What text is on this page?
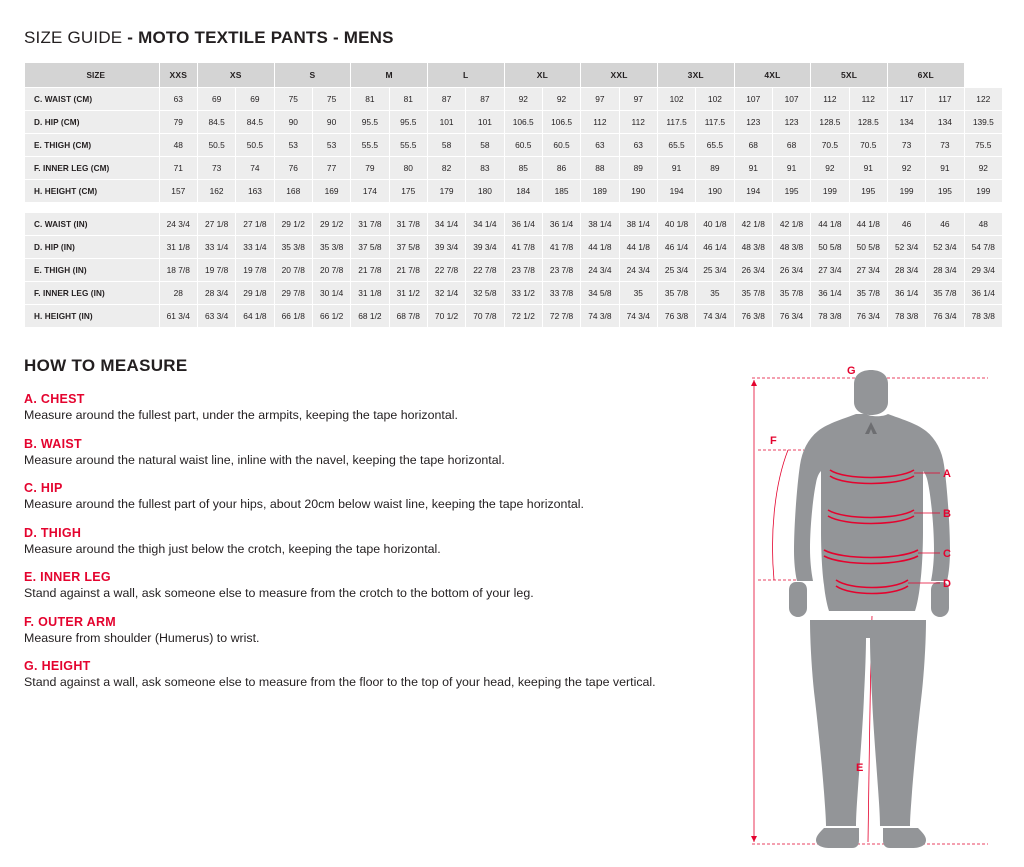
SIZE GUIDE - MOTO TEXTILE PANTS - MENS
SIZE	XXS	XS		S		M		L		XL		XXL		3XL		4XL		5XL		6XL		
C. WAIST (CM)	63	69	69	75	75	81	81	87	87	92	92	97	97	102	102	107	107	112	112	117	117	122
D. HIP (CM)	79	84.5	84.5	90	90	95.5	95.5	101	101	106.5	106.5	112	112	117.5	117.5	123	123	128.5	128.5	134	134	139.5
E. THIGH (CM)	48	50.5	50.5	53	53	55.5	55.5	58	58	60.5	60.5	63	63	65.5	65.5	68	68	70.5	70.5	73	73	75.5
F. INNER LEG (CM)	71	73	74	76	77	79	80	82	83	85	86	88	89	91	89	91	91	92	91	92	91	92
H. HEIGHT (CM)	157	162	163	168	169	174	175	179	180	184	185	189	190	194	190	194	195	199	195	199	195	199

C. WAIST (IN)	24 3/4	27 1/8	27 1/8	29 1/2	29 1/2	31 7/8	31 7/8	34 1/4	34 1/4	36 1/4	36 1/4	38 1/4	38 1/4	40 1/8	40 1/8	42 1/8	42 1/8	44 1/8	44 1/8	46	46	48
D. HIP (IN)	31 1/8	33 1/4	33 1/4	35 3/8	35 3/8	37 5/8	37 5/8	39 3/4	39 3/4	41 7/8	41 7/8	44 1/8	44 1/8	46 1/4	46 1/4	48 3/8	48 3/8	50 5/8	50 5/8	52 3/4	52 3/4	54 7/8
E. THIGH (IN)	18 7/8	19 7/8	19 7/8	20 7/8	20 7/8	21 7/8	21 7/8	22 7/8	22 7/8	23 7/8	23 7/8	24 3/4	24 3/4	25 3/4	25 3/4	26 3/4	26 3/4	27 3/4	27 3/4	28 3/4	28 3/4	29 3/4
F. INNER LEG (IN)	28	28 3/4	29 1/8	29 7/8	30 1/4	31 1/8	31 1/2	32 1/4	32 5/8	33 1/2	33 7/8	34 5/8	35	35 7/8	35	35 7/8	35 7/8	36 1/4	35 7/8	36 1/4	35 7/8	36 1/4
H. HEIGHT (IN)	61 3/4	63 3/4	64 1/8	66 1/8	66 1/2	68 1/2	68 7/8	70 1/2	70 7/8	72 1/2	72 7/8	74 3/8	74 3/4	76 3/8	74 3/4	76 3/8	76 3/4	78 3/8	76 3/4	78 3/8	76 3/4	78 3/8
HOW TO MEASURE
A. CHEST
Measure around the fullest part, under the armpits, keeping the tape horizontal.
B. WAIST
Measure around the natural waist line, inline with the navel, keeping the tape horizontal.
C. HIP
Measure around the fullest part of your hips, about 20cm below waist line, keeping the tape horizontal.
D. THIGH
Measure around the thigh just below the crotch, keeping the tape horizontal.
E. INNER LEG
Stand against a wall, ask someone else to measure from the crotch to the bottom of your leg.
F. OUTER ARM
Measure from shoulder (Humerus) to wrist.
G. HEIGHT
Stand against a wall, ask someone else to measure from the floor to the top of your head, keeping the tape vertical.
A
B
C
D
E
F
G
